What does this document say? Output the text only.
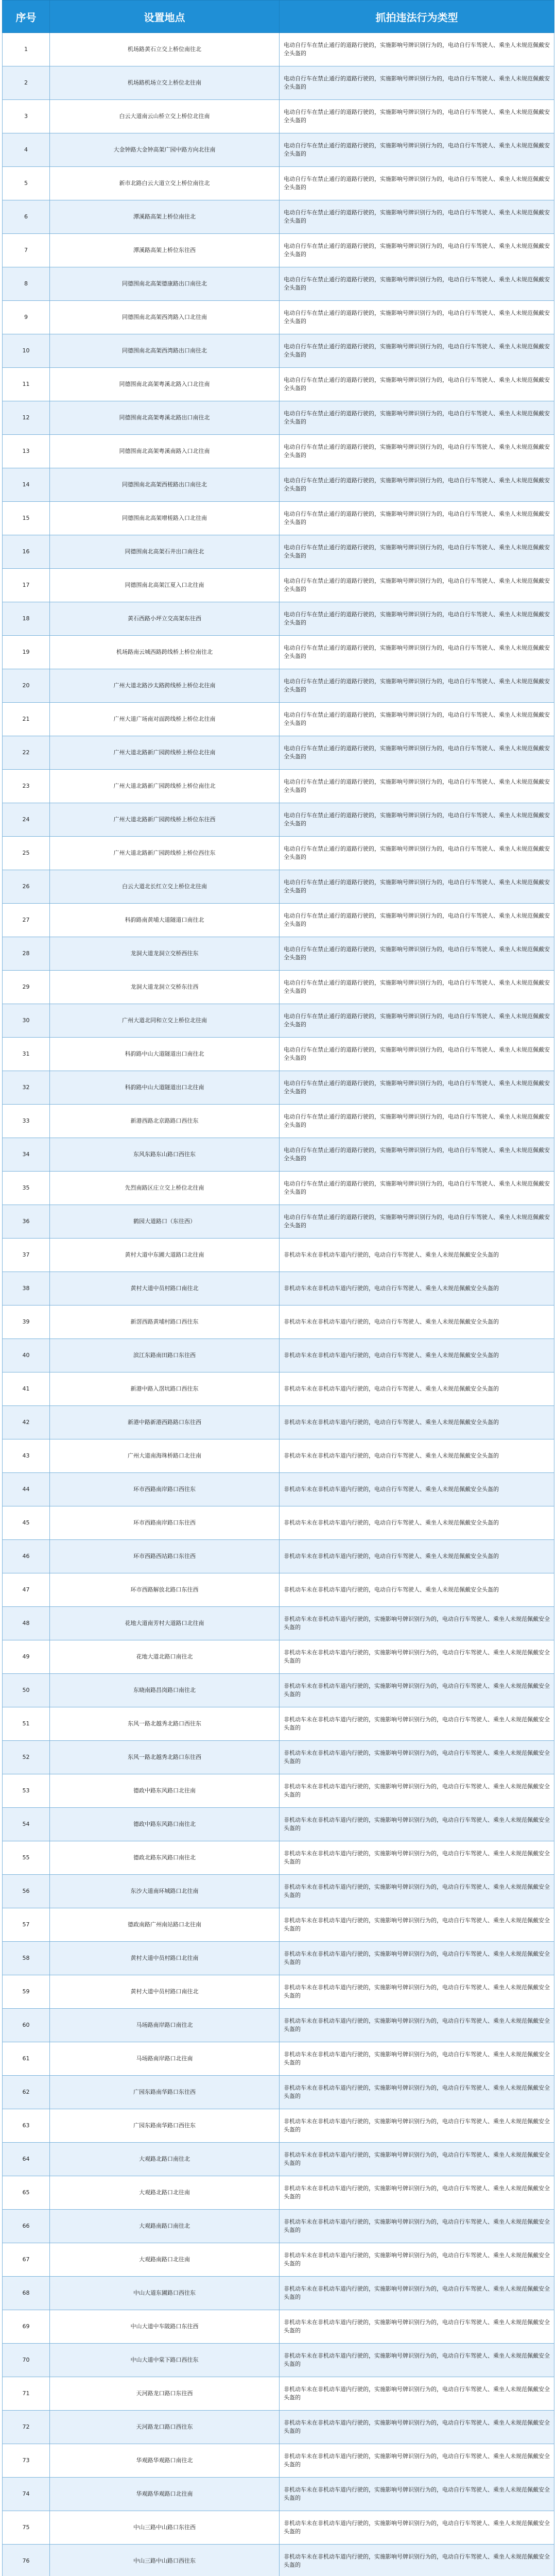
序号	设置地点	抓拍违法行为类型
1	机场路黄石立交上桥位南往北	电动自行车在禁止通行的道路行驶的，实施影响号牌识别行为的，电动自行车驾驶人、乘坐人未规范佩戴安全头盔的
2	机场路机场立交上桥位北往南	电动自行车在禁止通行的道路行驶的，实施影响号牌识别行为的，电动自行车驾驶人、乘坐人未规范佩戴安全头盔的
3	白云大道南云山桥立交上桥位北往南	电动自行车在禁止通行的道路行驶的，实施影响号牌识别行为的，电动自行车驾驶人、乘坐人未规范佩戴安全头盔的
4	大金钟路大金钟高架广园中路方向北往南	电动自行车在禁止通行的道路行驶的，实施影响号牌识别行为的，电动自行车驾驶人、乘坐人未规范佩戴安全头盔的
5	新市北路白云大道立交上桥位南往北	电动自行车在禁止通行的道路行驶的，实施影响号牌识别行为的，电动自行车驾驶人、乘坐人未规范佩戴安全头盔的
6	潭溪路高架上桥位南往北	电动自行车在禁止通行的道路行驶的，实施影响号牌识别行为的，电动自行车驾驶人、乘坐人未规范佩戴安全头盔的
7	潭溪路高架上桥位东往西	电动自行车在禁止通行的道路行驶的，实施影响号牌识别行为的，电动自行车驾驶人、乘坐人未规范佩戴安全头盔的
8	同德围南北高架德康路出口南往北	电动自行车在禁止通行的道路行驶的，实施影响号牌识别行为的，电动自行车驾驶人、乘坐人未规范佩戴安全头盔的
9	同德围南北高架西湾路入口北往南	电动自行车在禁止通行的道路行驶的，实施影响号牌识别行为的，电动自行车驾驶人、乘坐人未规范佩戴安全头盔的
10	同德围南北高架西湾路出口南往北	电动自行车在禁止通行的道路行驶的，实施影响号牌识别行为的，电动自行车驾驶人、乘坐人未规范佩戴安全头盔的
11	同德围南北高架粤溪北路入口北往南	电动自行车在禁止通行的道路行驶的，实施影响号牌识别行为的，电动自行车驾驶人、乘坐人未规范佩戴安全头盔的
12	同德围南北高架粤溪北路出口南往北	电动自行车在禁止通行的道路行驶的，实施影响号牌识别行为的，电动自行车驾驶人、乘坐人未规范佩戴安全头盔的
13	同德围南北高架粤溪南路入口北往南	电动自行车在禁止通行的道路行驶的，实施影响号牌识别行为的，电动自行车驾驶人、乘坐人未规范佩戴安全头盔的
14	同德围南北高架西槎路出口南往北	电动自行车在禁止通行的道路行驶的，实施影响号牌识别行为的，电动自行车驾驶人、乘坐人未规范佩戴安全头盔的
15	同德围南北高架增槎路入口北往南	电动自行车在禁止通行的道路行驶的，实施影响号牌识别行为的，电动自行车驾驶人、乘坐人未规范佩戴安全头盔的
16	同德围南北高架石井出口南往北	电动自行车在禁止通行的道路行驶的，实施影响号牌识别行为的，电动自行车驾驶人、乘坐人未规范佩戴安全头盔的
17	同德围南北高架江夏入口北往南	电动自行车在禁止通行的道路行驶的，实施影响号牌识别行为的，电动自行车驾驶人、乘坐人未规范佩戴安全头盔的
18	黄石西路小坪立交高架东往西	电动自行车在禁止通行的道路行驶的，实施影响号牌识别行为的，电动自行车驾驶人、乘坐人未规范佩戴安全头盔的
19	机场路南云城西路跨线桥上桥位南往北	电动自行车在禁止通行的道路行驶的，实施影响号牌识别行为的，电动自行车驾驶人、乘坐人未规范佩戴安全头盔的
20	广州大道北路沙太路跨线桥上桥位北往南	电动自行车在禁止通行的道路行驶的，实施影响号牌识别行为的，电动自行车驾驶人、乘坐人未规范佩戴安全头盔的
21	广州大道广场南对面跨线桥上桥位北往南	电动自行车在禁止通行的道路行驶的，实施影响号牌识别行为的，电动自行车驾驶人、乘坐人未规范佩戴安全头盔的
22	广州大道北路新广园跨线桥上桥位北往南	电动自行车在禁止通行的道路行驶的，实施影响号牌识别行为的，电动自行车驾驶人、乘坐人未规范佩戴安全头盔的
23	广州大道北路新广园跨线桥上桥位南往北	电动自行车在禁止通行的道路行驶的，实施影响号牌识别行为的，电动自行车驾驶人、乘坐人未规范佩戴安全头盔的
24	广州大道北路新广园跨线桥上桥位东往西	电动自行车在禁止通行的道路行驶的，实施影响号牌识别行为的，电动自行车驾驶人、乘坐人未规范佩戴安全头盔的
25	广州大道北路新广园跨线桥上桥位西往东	电动自行车在禁止通行的道路行驶的，实施影响号牌识别行为的，电动自行车驾驶人、乘坐人未规范佩戴安全头盔的
26	白云大道北长红立交上桥位北往南	电动自行车在禁止通行的道路行驶的，实施影响号牌识别行为的，电动自行车驾驶人、乘坐人未规范佩戴安全头盔的
27	科韵路南黄埔大道隧道口南往北	电动自行车在禁止通行的道路行驶的，实施影响号牌识别行为的，电动自行车驾驶人、乘坐人未规范佩戴安全头盔的
28	龙洞大道龙洞立交桥西往东	电动自行车在禁止通行的道路行驶的，实施影响号牌识别行为的，电动自行车驾驶人、乘坐人未规范佩戴安全头盔的
29	龙洞大道龙洞立交桥东往西	电动自行车在禁止通行的道路行驶的，实施影响号牌识别行为的，电动自行车驾驶人、乘坐人未规范佩戴安全头盔的
30	广州大道北同和立交上桥位北往南	电动自行车在禁止通行的道路行驶的，实施影响号牌识别行为的，电动自行车驾驶人、乘坐人未规范佩戴安全头盔的
31	科韵路中山大道隧道出口南往北	电动自行车在禁止通行的道路行驶的，实施影响号牌识别行为的，电动自行车驾驶人、乘坐人未规范佩戴安全头盔的
32	科韵路中山大道隧道出口北往南	电动自行车在禁止通行的道路行驶的，实施影响号牌识别行为的，电动自行车驾驶人、乘坐人未规范佩戴安全头盔的
33	新港西路北京路路口西往东	电动自行车在禁止通行的道路行驶的，实施影响号牌识别行为的，电动自行车驾驶人、乘坐人未规范佩戴安全头盔的
34	东风东路东山路口西往东	电动自行车在禁止通行的道路行驶的，实施影响号牌识别行为的，电动自行车驾驶人、乘坐人未规范佩戴安全头盔的
35	先烈南路区庄立交上桥位北往南	电动自行车在禁止通行的道路行驶的，实施影响号牌识别行为的，电动自行车驾驶人、乘坐人未规范佩戴安全头盔的
36	鹤园大道路口（东往西）	电动自行车在禁止通行的道路行驶的，实施影响号牌识别行为的，电动自行车驾驶人、乘坐人未规范佩戴安全头盔的
37	黄村大道中东圃大道路口北往南	非机动车未在非机动车道内行驶的，电动自行车驾驶人、乘坐人未规范佩戴安全头盔的
38	黄村大道中员村路口南往北	非机动车未在非机动车道内行驶的，电动自行车驾驶人、乘坐人未规范佩戴安全头盔的
39	新滘西路黄埔村路口西往东	非机动车未在非机动车道内行驶的，电动自行车驾驶人、乘坐人未规范佩戴安全头盔的
40	滨江东路南田路口东往西	非机动车未在非机动车道内行驶的，电动自行车驾驶人、乘坐人未规范佩戴安全头盔的
41	新港中路入滘坑路口西往东	非机动车未在非机动车道内行驶的，电动自行车驾驶人、乘坐人未规范佩戴安全头盔的
42	新港中路新港西路路口东往西	非机动车未在非机动车道内行驶的，电动自行车驾驶人、乘坐人未规范佩戴安全头盔的
43	广州大道南海珠桥路口北往南	非机动车未在非机动车道内行驶的，电动自行车驾驶人、乘坐人未规范佩戴安全头盔的
44	环市西路南岸路口西往东	非机动车未在非机动车道内行驶的，电动自行车驾驶人、乘坐人未规范佩戴安全头盔的
45	环市西路南岸路口东往西	非机动车未在非机动车道内行驶的，电动自行车驾驶人、乘坐人未规范佩戴安全头盔的
46	环市西路西站路口东往西	非机动车未在非机动车道内行驶的，电动自行车驾驶人、乘坐人未规范佩戴安全头盔的
47	环市西路解放北路口东往西	非机动车未在非机动车道内行驶的，电动自行车驾驶人、乘坐人未规范佩戴安全头盔的
48	花地大道南芳村大道路口北往南	非机动车未在非机动车道内行驶的，实施影响号牌识别行为的，电动自行车驾驶人、乘坐人未规范佩戴安全头盔的
49	花地大道北路口南往北	非机动车未在非机动车道内行驶的，实施影响号牌识别行为的，电动自行车驾驶人、乘坐人未规范佩戴安全头盔的
50	东晓南路昌岗路口南往北	非机动车未在非机动车道内行驶的，实施影响号牌识别行为的，电动自行车驾驶人、乘坐人未规范佩戴安全头盔的
51	东风一路北越秀北路口西往东	非机动车未在非机动车道内行驶的，实施影响号牌识别行为的，电动自行车驾驶人、乘坐人未规范佩戴安全头盔的
52	东风一路北越秀北路口东往西	非机动车未在非机动车道内行驶的，实施影响号牌识别行为的，电动自行车驾驶人、乘坐人未规范佩戴安全头盔的
53	德政中路东风路口北往南	非机动车未在非机动车道内行驶的，实施影响号牌识别行为的，电动自行车驾驶人、乘坐人未规范佩戴安全头盔的
54	德政中路东风路口南往北	非机动车未在非机动车道内行驶的，实施影响号牌识别行为的，电动自行车驾驶人、乘坐人未规范佩戴安全头盔的
55	德政北路东风路口南往北	非机动车未在非机动车道内行驶的，实施影响号牌识别行为的，电动自行车驾驶人、乘坐人未规范佩戴安全头盔的
56	东沙大道南环城路口北往南	非机动车未在非机动车道内行驶的，实施影响号牌识别行为的，电动自行车驾驶人、乘坐人未规范佩戴安全头盔的
57	德政南路广州南站路口北往南	非机动车未在非机动车道内行驶的，实施影响号牌识别行为的，电动自行车驾驶人、乘坐人未规范佩戴安全头盔的
58	黄村大道中员村路口北往南	非机动车未在非机动车道内行驶的，实施影响号牌识别行为的，电动自行车驾驶人、乘坐人未规范佩戴安全头盔的
59	黄村大道中员村路口南往北	非机动车未在非机动车道内行驶的，实施影响号牌识别行为的，电动自行车驾驶人、乘坐人未规范佩戴安全头盔的
60	马场路南岸路口南往北	非机动车未在非机动车道内行驶的，实施影响号牌识别行为的，电动自行车驾驶人、乘坐人未规范佩戴安全头盔的
61	马场路南岸路口北往南	非机动车未在非机动车道内行驶的，实施影响号牌识别行为的，电动自行车驾驶人、乘坐人未规范佩戴安全头盔的
62	广园东路南华路口东往西	非机动车未在非机动车道内行驶的，实施影响号牌识别行为的，电动自行车驾驶人、乘坐人未规范佩戴安全头盔的
63	广园东路南华路口西往东	非机动车未在非机动车道内行驶的，实施影响号牌识别行为的，电动自行车驾驶人、乘坐人未规范佩戴安全头盔的
64	大观路北路口南往北	非机动车未在非机动车道内行驶的，实施影响号牌识别行为的，电动自行车驾驶人、乘坐人未规范佩戴安全头盔的
65	大观路北路口北往南	非机动车未在非机动车道内行驶的，实施影响号牌识别行为的，电动自行车驾驶人、乘坐人未规范佩戴安全头盔的
66	大观路南路口南往北	非机动车未在非机动车道内行驶的，实施影响号牌识别行为的，电动自行车驾驶人、乘坐人未规范佩戴安全头盔的
67	大观路南路口北往南	非机动车未在非机动车道内行驶的，实施影响号牌识别行为的，电动自行车驾驶人、乘坐人未规范佩戴安全头盔的
68	中山大道东圃路口西往东	非机动车未在非机动车道内行驶的，实施影响号牌识别行为的，电动自行车驾驶人、乘坐人未规范佩戴安全头盔的
69	中山大道中车陂路口东往西	非机动车未在非机动车道内行驶的，实施影响号牌识别行为的，电动自行车驾驶人、乘坐人未规范佩戴安全头盔的
70	中山大道中棠下路口西往东	非机动车未在非机动车道内行驶的，实施影响号牌识别行为的，电动自行车驾驶人、乘坐人未规范佩戴安全头盔的
71	天河路龙口路口东往西	非机动车未在非机动车道内行驶的，实施影响号牌识别行为的，电动自行车驾驶人、乘坐人未规范佩戴安全头盔的
72	天河路龙口路口西往东	非机动车未在非机动车道内行驶的，实施影响号牌识别行为的，电动自行车驾驶人、乘坐人未规范佩戴安全头盔的
73	华观路华观路口南往北	非机动车未在非机动车道内行驶的，实施影响号牌识别行为的，电动自行车驾驶人、乘坐人未规范佩戴安全头盔的
74	华观路华观路口北往南	非机动车未在非机动车道内行驶的，实施影响号牌识别行为的，电动自行车驾驶人、乘坐人未规范佩戴安全头盔的
75	中山三路中山路口东往西	非机动车未在非机动车道内行驶的，实施影响号牌识别行为的，电动自行车驾驶人、乘坐人未规范佩戴安全头盔的
76	中山三路中山路口西往东	非机动车未在非机动车道内行驶的，实施影响号牌识别行为的，电动自行车驾驶人、乘坐人未规范佩戴安全头盔的
